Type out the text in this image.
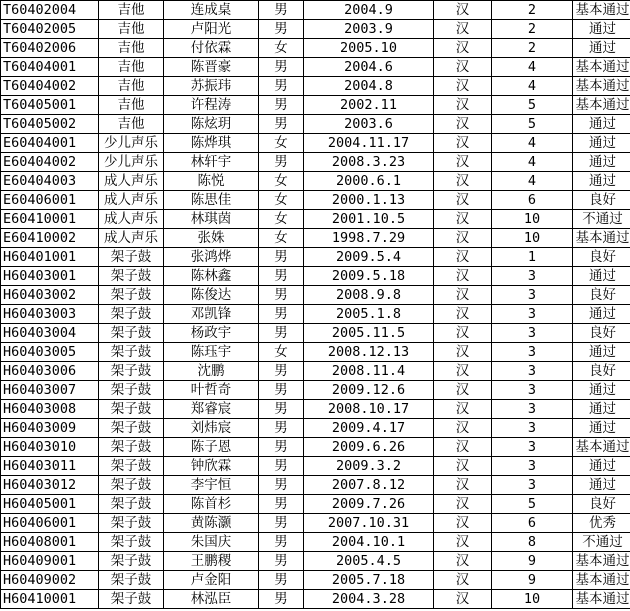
T60402004	吉他	连成桌	男	2004.9	汉	2	基本通过
T60402005	吉他	卢阳光	男	2003.9	汉	2	通过
T60402006	吉他	付依霖	女	2005.10	汉	2	通过
T60404001	吉他	陈晋豪	男	2004.6	汉	4	基本通过
T60404002	吉他	苏振玮	男	2004.8	汉	4	基本通过
T60405001	吉他	许程涛	男	2002.11	汉	5	基本通过
T60405002	吉他	陈炫玥	男	2003.6	汉	5	通过
E60404001	少儿声乐	陈烨琪	女	2004.11.17	汉	4	通过
E60404002	少儿声乐	林轩宇	男	2008.3.23	汉	4	通过
E60404003	成人声乐	陈悦	女	2000.6.1	汉	4	通过
E60406001	成人声乐	陈思佳	女	2000.1.13	汉	6	良好
E60410001	成人声乐	林琪茵	女	2001.10.5	汉	10	不通过
E60410002	成人声乐	张姝	女	1998.7.29	汉	10	基本通过
H60401001	架子鼓	张鸿烨	男	2009.5.4	汉	1	良好
H60403001	架子鼓	陈林鑫	男	2009.5.18	汉	3	通过
H60403002	架子鼓	陈俊达	男	2008.9.8	汉	3	良好
H60403003	架子鼓	邓凯锋	男	2005.1.8	汉	3	通过
H60403004	架子鼓	杨政宇	男	2005.11.5	汉	3	良好
H60403005	架子鼓	陈珏宇	女	2008.12.13	汉	3	通过
H60403006	架子鼓	沈鹏	男	2008.11.4	汉	3	良好
H60403007	架子鼓	叶哲奇	男	2009.12.6	汉	3	通过
H60403008	架子鼓	郑睿宸	男	2008.10.17	汉	3	通过
H60403009	架子鼓	刘炜宸	男	2009.4.17	汉	3	通过
H60403010	架子鼓	陈子恩	男	2009.6.26	汉	3	基本通过
H60403011	架子鼓	钟欣霖	男	2009.3.2	汉	3	通过
H60403012	架子鼓	李宇恒	男	2007.8.12	汉	3	通过
H60405001	架子鼓	陈首杉	男	2009.7.26	汉	5	良好
H60406001	架子鼓	黄陈灏	男	2007.10.31	汉	6	优秀
H60408001	架子鼓	朱国庆	男	2004.10.1	汉	8	不通过
H60409001	架子鼓	王鹏稷	男	2005.4.5	汉	9	基本通过
H60409002	架子鼓	卢金阳	男	2005.7.18	汉	9	基本通过
H60410001	架子鼓	林泓臣	男	2004.3.28	汉	10	基本通过
